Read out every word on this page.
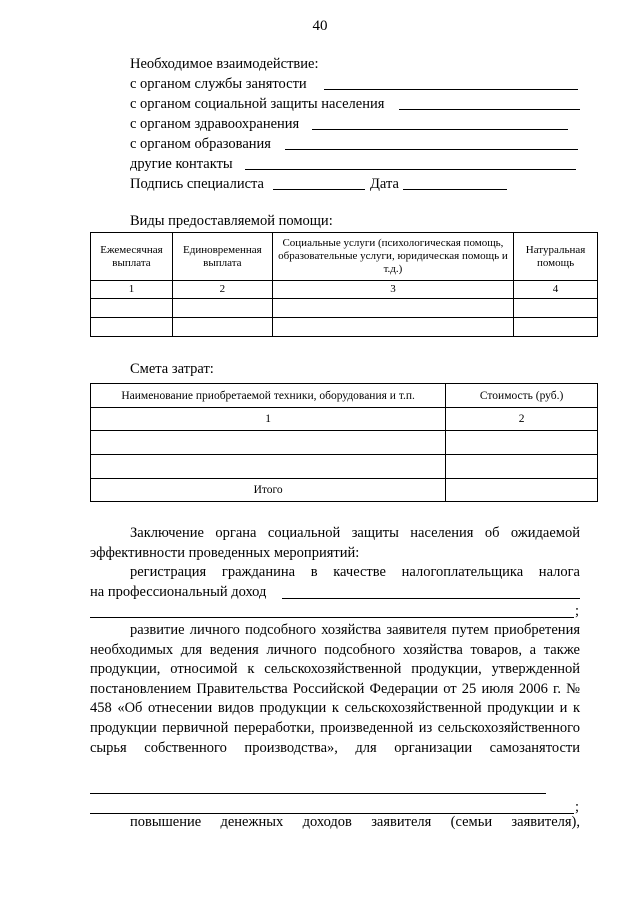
40
Необходимое взаимодействие:
с органом службы занятости
с органом социальной защиты населения
с органом здравоохранения
с органом образования
другие контакты
Подпись специалиста	Дата
Виды предоставляемой помощи:
Ежемесячная выплата	Единовременная выплата	Социальные услуги (психологическая помощь, образовательные услуги, юридическая помощь и т.д.)	Натуральная помощь
1	2	3	4

Смета затрат:
Наименование приобретаемой техники, оборудования и т.п.	Стоимость (руб.)
1	2

Итого	
Заключение органа социальной защиты населения об ожидаемой эффективности проведенных мероприятий:
регистрация гражданина в качестве налогоплательщика налога
на профессиональный доход
;
развитие личного подсобного хозяйства заявителя путем приобретения необходимых для ведения личного подсобного хозяйства товаров, а также продукции, относимой к сельскохозяйственной продукции, утвержденной постановлением Правительства Российской Федерации от 25 июля 2006 г. № 458 «Об отнесении видов продукции к сельскохозяйственной продукции и к продукции первичной переработки, произведенной из сельскохозяйственного сырья собственного производства», для организации самозанятости
;
повышение денежных доходов заявителя (семьи заявителя),
